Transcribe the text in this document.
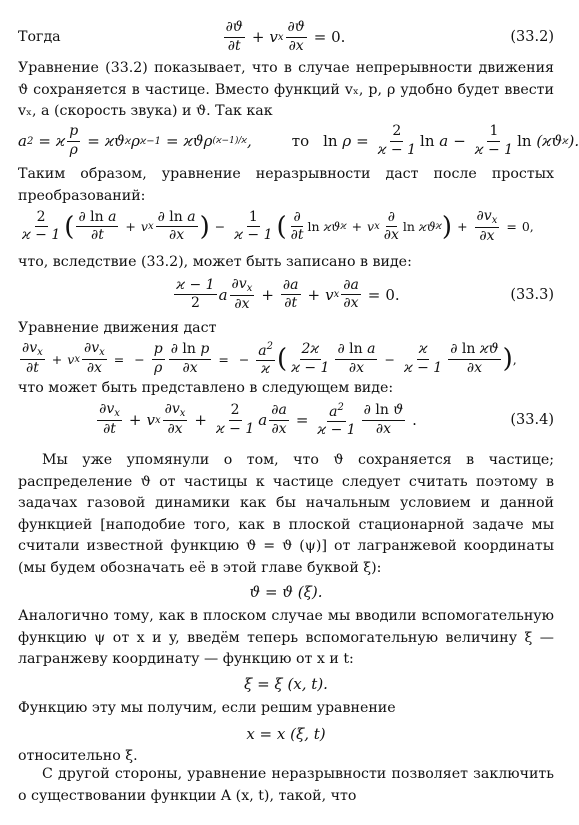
Тогда	$\frac{\partial ϑ}{\partial t} + v$ x $\frac{\partial ϑ}{\partial x} = 0$.	(33.2)
Уравнение (33.2) показывает, что в случае непрерывности движения ϑ сохраняется в частице. Вместо функций vₓ, p, ρ удобно будет ввести vₓ, a (скорость звука) и ϑ. Так как
a 2 = ϰ $\frac{p}{\rho} = ϰϑ$ ϰ ρ ϰ−1 = ϰϑρ (ϰ−1)/ϰ ,	то $\ln \rho = \frac{2}{ϰ - 1}$ $\ln a - \frac{1}{ϰ - 1}$ ln (ϰϑ ϰ ).
Таким образом, уравнение неразрывности даст после простых преобразований:
$\frac{2}{ϰ - 1}$ ( $\frac{\text{∂ ln a}}{\partial t} + v$ x $\frac{\text{∂ ln a}}{\partial x}$ ) − $\frac{1}{ϰ - 1}$ ( $\frac{\partial}{\partial t}$ ln ϰϑ ϰ + v x $\frac{\partial}{\partial x}$ ln ϰϑ ϰ ) + $\frac{\partial v_x}{\partial x} = 0$,
что, вследствие (33.2), может быть записано в виде:
$\frac{ϰ - 1}{2}$ a $\frac{\partial v_x}{\partial x} + \frac{\partial a}{\partial t} + v$ x $\frac{\partial a}{\partial x} = 0$.	(33.3)
Уравнение движения даст
$\frac{\partial v_x}{\partial t} + v$ x $\frac{\partial v_x}{\partial x}$ = − $\frac{p}{\rho} \frac{\text{∂ ln p}}{\partial x}$ = − $\frac{a^2}{ϰ}$ ( $\frac{2ϰ}{ϰ - 1} \frac{\text{∂ ln a}}{\partial x} - \frac{ϰ}{ϰ - 1} \frac{\text{∂ ln ϰϑ}}{\partial x}$ ) ,
что может быть представлено в следующем виде:
$\frac{\partial v_x}{\partial t} + v$ x $\frac{\partial v_x}{\partial x} + \frac{2}{ϰ - 1}$ a $\frac{\partial a}{\partial x} = \frac{a^2}{ϰ - 1} \frac{\text{∂ ln ϑ}}{\partial x}$ .	(33.4)
Мы уже упомянули о том, что ϑ сохраняется в частице; распределение ϑ от частицы к частице следует считать поэтому в задачах газовой динамики как бы начальным условием и данной функцией [наподобие того, как в плоской стационарной задаче мы считали известной функцию ϑ = ϑ (ψ)] от лагранжевой координаты (мы будем обозначать её в этой главе буквой ξ):
ϑ = ϑ (ξ).
Аналогично тому, как в плоском случае мы вводили вспомогательную функцию ψ от x и y, введём теперь вспомогательную величину ξ — лагранжеву координату — функцию от x и t:
ξ = ξ (x, t).
Функцию эту мы получим, если решим уравнение
x = x (ξ, t)
относительно ξ.
С другой стороны, уравнение неразрывности позволяет заключить о существовании функции A (x, t), такой, что
